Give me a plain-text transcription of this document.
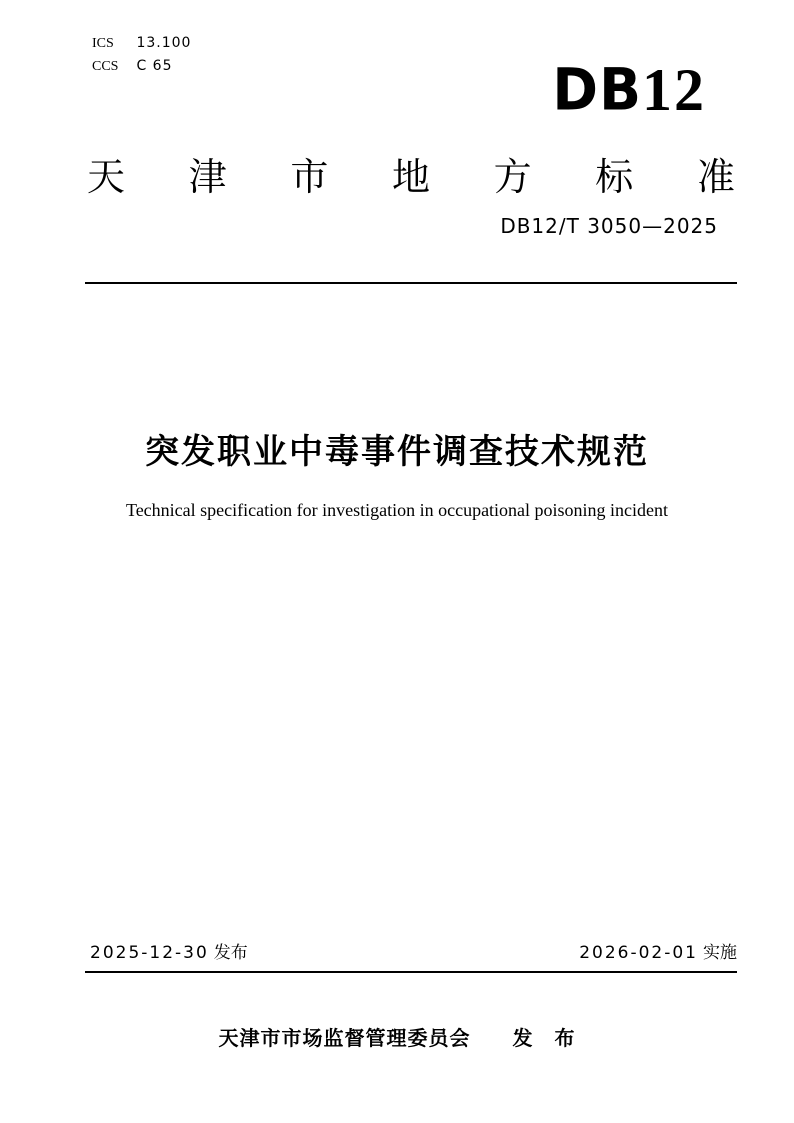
ICS 13.100
CCS C 65	DB12
天 津 市 地 方 标 准
DB12/T 3050—2025
突发职业中毒事件调查技术规范
Technical specification for investigation in occupational poisoning incident
2025-12-30 发布	2026-02-01 实施
天津市市场监督管理委员会 发　布
